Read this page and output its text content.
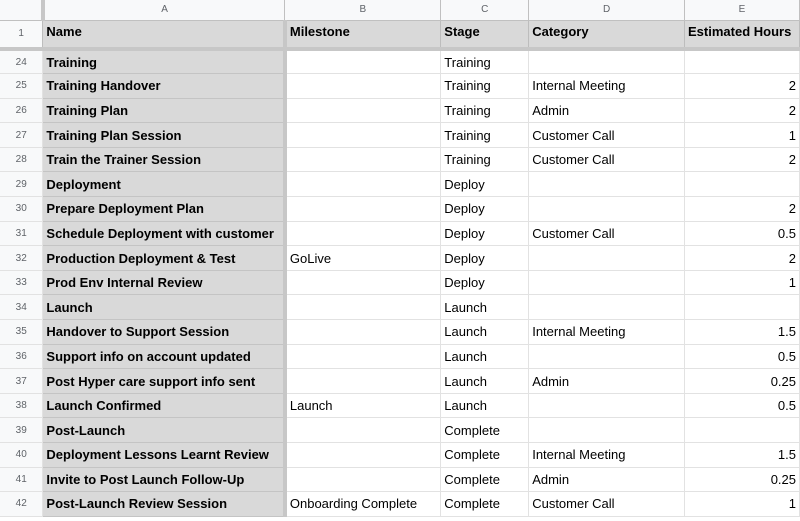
	A	B	C	D	E
1	Name	Milestone	Stage	Category	Estimated Hours
24	Training		Training		
25	Training Handover		Training	Internal Meeting	2
26	Training Plan		Training	Admin	2
27	Training Plan Session		Training	Customer Call	1
28	Train the Trainer Session		Training	Customer Call	2
29	Deployment		Deploy		
30	Prepare Deployment Plan		Deploy		2
31	Schedule Deployment with customer		Deploy	Customer Call	0.5
32	Production Deployment & Test	GoLive	Deploy		2
33	Prod Env Internal Review		Deploy		1
34	Launch		Launch		
35	Handover to Support Session		Launch	Internal Meeting	1.5
36	Support info on account updated		Launch		0.5
37	Post Hyper care support info sent		Launch	Admin	0.25
38	Launch Confirmed	Launch	Launch		0.5
39	Post-Launch		Complete		
40	Deployment Lessons Learnt Review		Complete	Internal Meeting	1.5
41	Invite to Post Launch Follow-Up		Complete	Admin	0.25
42	Post-Launch Review Session	Onboarding Complete	Complete	Customer Call	1
